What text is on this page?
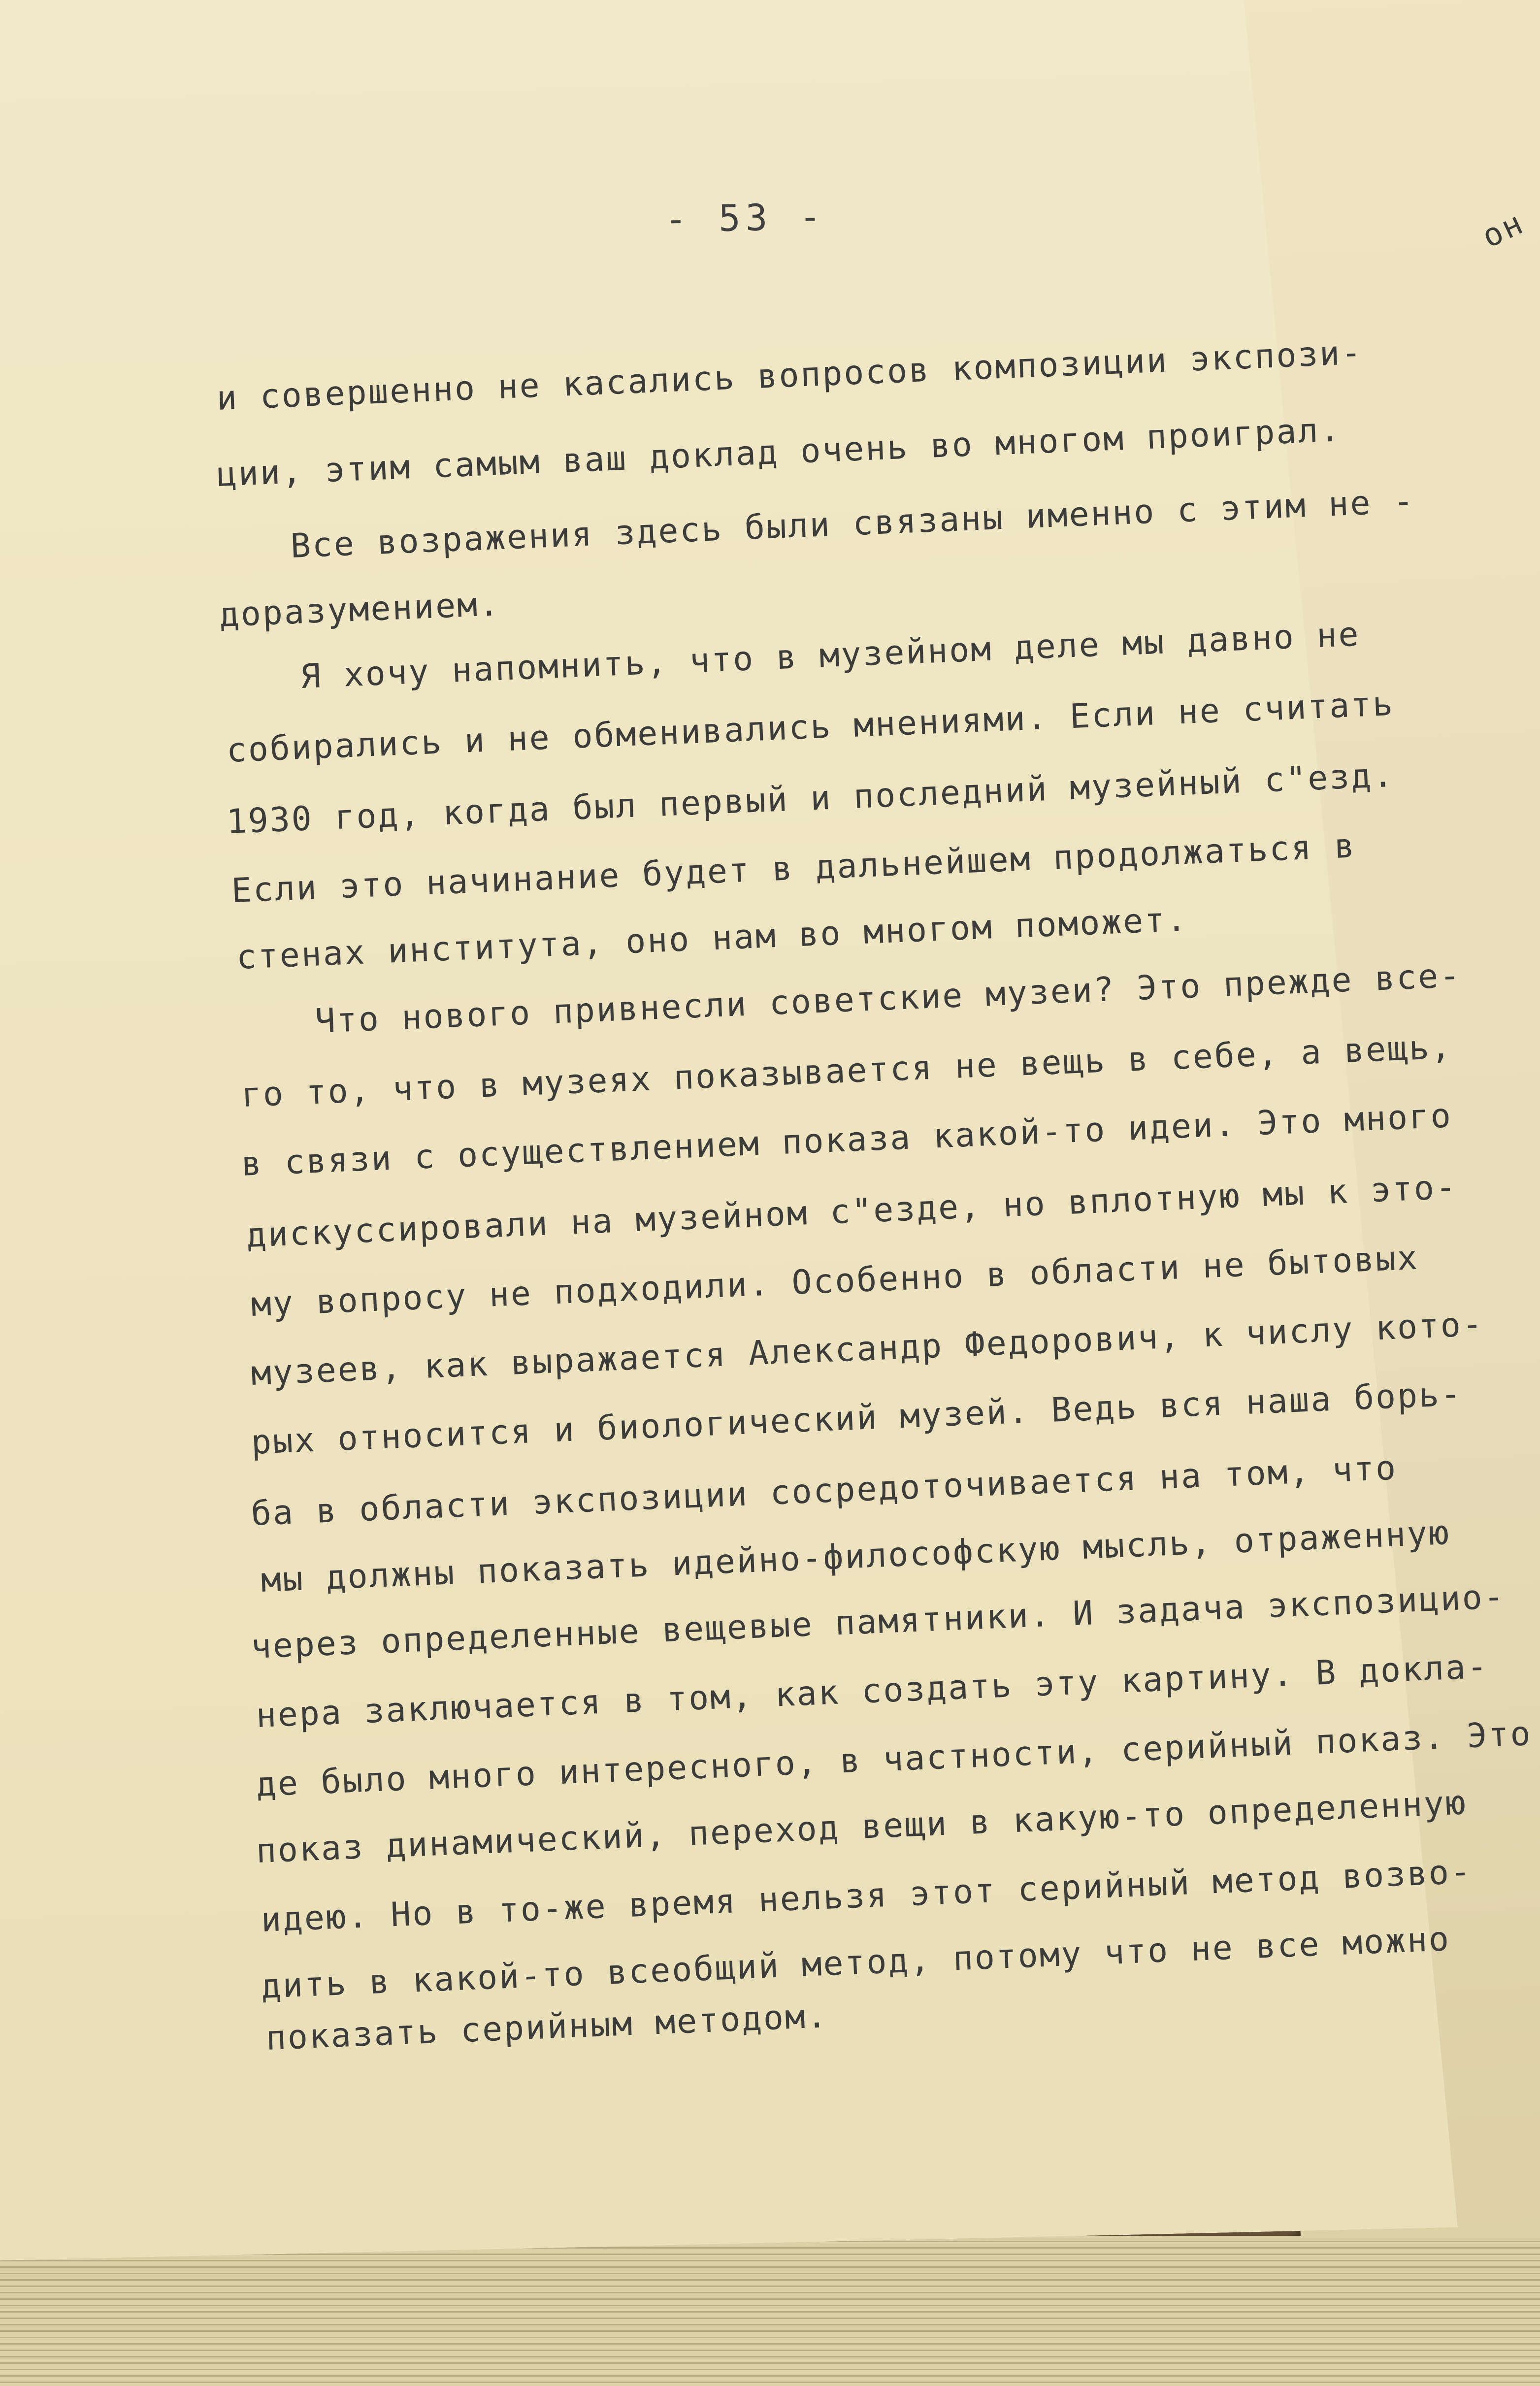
он
- 53 -
и совершенно не касались вопросов композиции экспози-
ции, этим самым ваш доклад очень во многом проиграл.
Все возражения здесь были связаны именно с этим не -
доразумением.
Я хочу напомнить, что в музейном деле мы давно не
собирались и не обменивались мнениями. Если не считать
1930 год, когда был первый и последний музейный с"езд.
Если это начинание будет в дальнейшем продолжаться в
стенах института, оно нам во многом поможет.
Что нового привнесли советские музеи? Это прежде все-
го то, что в музеях показывается не вещь в себе, а вещь,
в связи с осуществлением показа какой-то идеи. Это много
дискуссировали на музейном с"езде, но вплотную мы к это-
му вопросу не подходили. Особенно в области не бытовых
музеев, как выражается Александр Федорович, к числу кото-
рых относится и биологический музей. Ведь вся наша борь-
ба в области экспозиции сосредоточивается на том, что
мы должны показать идейно-философскую мысль, отраженную
через определенные вещевые памятники. И задача экспозицио-
нера заключается в том, как создать эту картину. В докла-
де было много интересного, в частности, серийный показ. Это
показ динамический, переход вещи в какую-то определенную
идею. Но в то-же время нельзя этот серийный метод возво-
дить в какой-то всеобщий метод, потому что не все можно
показать серийным методом.
